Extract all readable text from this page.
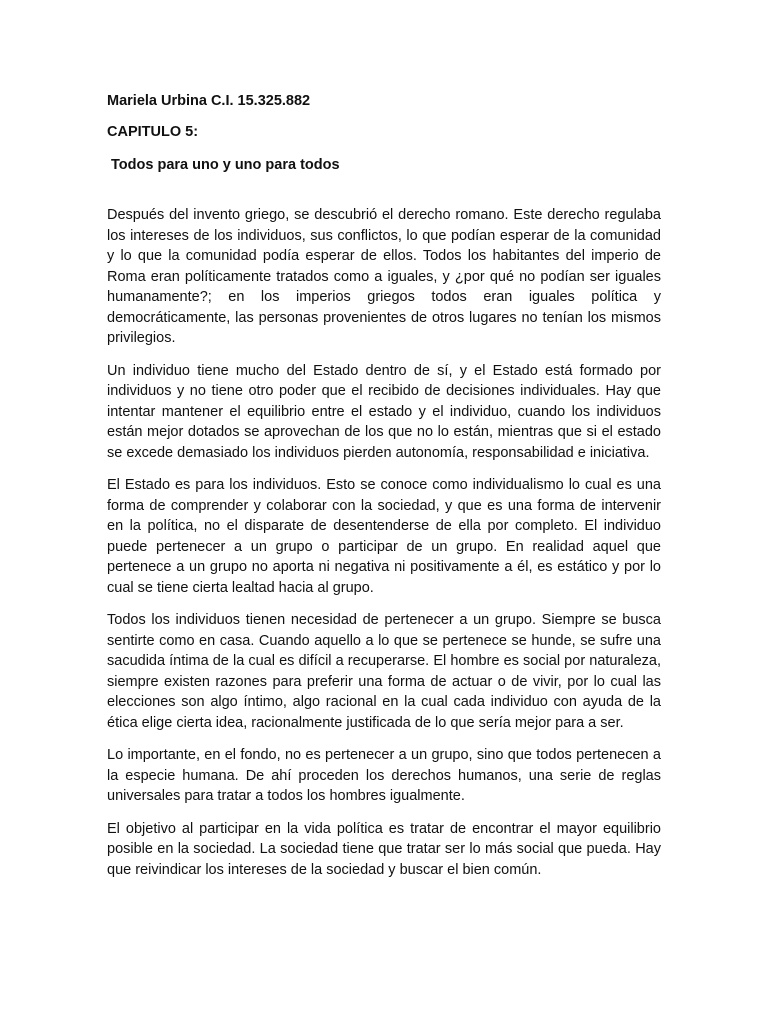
Mariela Urbina C.I. 15.325.882
CAPITULO 5:
Todos para uno y uno para todos

Después del invento griego, se descubrió el derecho romano. Este derecho regulaba los intereses de los individuos, sus conflictos, lo que podían esperar de la comunidad y lo que la comunidad podía esperar de ellos. Todos los habitantes del imperio de Roma eran políticamente tratados como a iguales, y ¿por qué no podían ser iguales humanamente?; en los imperios griegos todos eran iguales política y democráticamente, las personas provenientes de otros lugares no tenían los mismos privilegios.

Un individuo tiene mucho del Estado dentro de sí, y el Estado está formado por individuos y no tiene otro poder que el recibido de decisiones individuales. Hay que intentar mantener el equilibrio entre el estado y el individuo, cuando los individuos están mejor dotados se aprovechan de los que no lo están, mientras que si el estado se excede demasiado los individuos pierden autonomía, responsabilidad e iniciativa.

El Estado es para los individuos. Esto se conoce como individualismo lo cual es una forma de comprender y colaborar con la sociedad, y que es una forma de intervenir en la política, no el disparate de desentenderse de ella por completo. El individuo puede pertenecer a un grupo o participar de un grupo. En realidad aquel que pertenece a un grupo no aporta ni negativa ni positivamente a él, es estático y por lo cual se tiene cierta lealtad hacia al grupo.

Todos los individuos tienen necesidad de pertenecer a un grupo. Siempre se busca sentirte como en casa. Cuando aquello a lo que se pertenece se hunde, se sufre una sacudida íntima de la cual es difícil a recuperarse. El hombre es social por naturaleza, siempre existen razones para preferir una forma de actuar o de vivir, por lo cual las elecciones son algo íntimo, algo racional en la cual cada individuo con ayuda de la ética elige cierta idea, racionalmente justificada de lo que sería mejor para a ser.

Lo importante, en el fondo, no es pertenecer a un grupo, sino que todos pertenecen a la especie humana. De ahí proceden los derechos humanos, una serie de reglas universales para tratar a todos los hombres igualmente.

El objetivo al participar en la vida política es tratar de encontrar el mayor equilibrio posible en la sociedad. La sociedad tiene que tratar ser lo más social que pueda. Hay que reivindicar los intereses de la sociedad y buscar el bien común.
